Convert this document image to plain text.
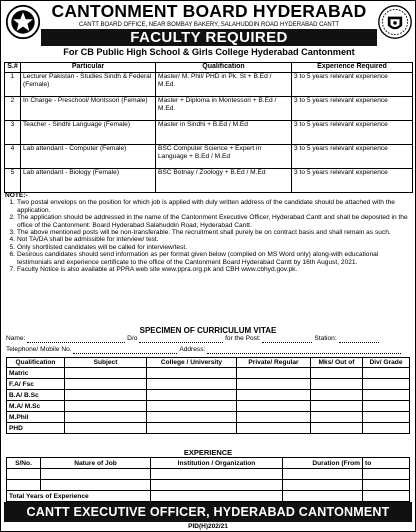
CANTONMENT BOARD HYDERABAD
CANTT BOARD OFFICE, NEAR BOMBAY BAKERY, SALAHUDDIN ROAD HYDERABAD CANTT
FACULTY REQUIRED
For CB Public High School & Girls College Hyderabad Cantonment
S.#	Particular	Qualification	Experience Required
1	Lecturer Pakistan - Studies Sindh & Federal (Female)	Master/ M. Phil/ PHD in Pk. St + B.Ed / M.Ed.	3 to 5 years relevant experience
2	In Charge - Preschool/ Montssori (Female)	Master + Diploma in Montessori + B.Ed / M.Ed.	3 to 5 years relevant experience
3	Teacher - Sindhi Language (Female)	Master in Sindhi + B.Ed / M.Ed	3 to 5 years relevant experience
4	Lab attendant - Computer (Female)	BSC Computer Science + Expert in Language + B.Ed / M.Ed	3 to 5 years relevant experience
5	Lab attendant - Biology (Female)	BSC Botnay / Zoology + B.Ed / M.Ed	3 to 5 years relevant experience
NOTE:-
1. Two postal envelops on the position for which job is applied with duly written address of the candidate should be attached with the application.
2. The application should be addressed in the name of the Cantonment Executive Officer, Hyderabad Cantt and shall be deposited in the office of the Cantonment: Board Hyderabad Salahuddin Road, Hyderabad Cantt.
3. The above mentioned posts will be non-transferable. The recruitment shall purely be on contract basis and shall remain as such.
4. Not TA/DA shall be admissible for interview/ test.
5. Only shortlisted candidates will be called for interview/test.
6. Desirous candidates should send information as per format given below (complied on MS Word only) along-with educational testimonials and experience certificate to the office of the Cantonment Board Hyderabad Cantt by 16th August, 2021.
7. Faculty Notice is also available at PPRA web site www.ppra.org.pk and CBH www.cbhyd.gov.pk.
SPECIMEN OF CURRICULUM VITAE
Name:	D/o	for the Post:	Station:
Telephone/ Mobile No.	Address:
Qualification	Subject	College / University	Private/ Regular	Mks/ Out of	Div/ Grade
Matric					
F.A/ Fsc					
B.A/ B.Sc					
M.A/ M.Sc					
M.Phil					
PHD					
EXPERIENCE
S/No.	Nature of Job	Institution / Organization	Duration (From	to

Total Years of Experience				
CANTT EXECUTIVE OFFICER, HYDERABAD CANTONMENT
PID(H)202/21
